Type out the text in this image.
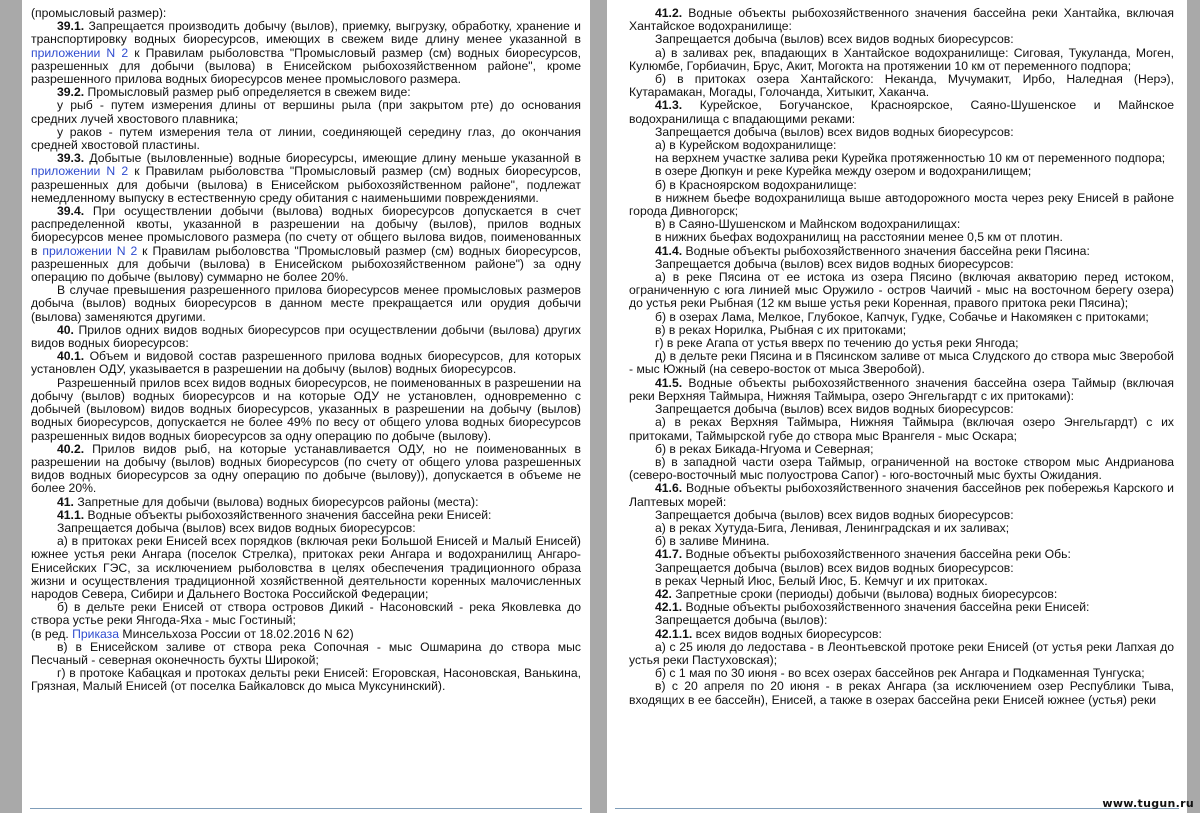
(промысловый размер):

39.1. Запрещается производить добычу (вылов), приемку, выгрузку, обработку, хранение и транспортировку водных биоресурсов, имеющих в свежем виде длину менее указанной в приложении N 2 к Правилам рыболовства "Промысловый размер (см) водных биоресурсов, разрешенных для добычи (вылова) в Енисейском рыбохозяйственном районе", кроме разрешенного прилова водных биоресурсов менее промыслового размера.

39.2. Промысловый размер рыб определяется в свежем виде:

у рыб - путем измерения длины от вершины рыла (при закрытом рте) до основания средних лучей хвостового плавника;

у раков - путем измерения тела от линии, соединяющей середину глаз, до окончания средней хвостовой пластины.

39.3. Добытые (выловленные) водные биоресурсы, имеющие длину меньше указанной в приложении N 2 к Правилам рыболовства "Промысловый размер (см) водных биоресурсов, разрешенных для добычи (вылова) в Енисейском рыбохозяйственном районе", подлежат немедленному выпуску в естественную среду обитания с наименьшими повреждениями.

39.4. При осуществлении добычи (вылова) водных биоресурсов допускается в счет распределенной квоты, указанной в разрешении на добычу (вылов), прилов водных биоресурсов менее промыслового размера (по счету от общего вылова видов, поименованных в приложении N 2 к Правилам рыболовства "Промысловый размер (см) водных биоресурсов, разрешенных для добычи (вылова) в Енисейском рыбохозяйственном районе") за одну операцию по добыче (вылову) суммарно не более 20%.

В случае превышения разрешенного прилова биоресурсов менее промысловых размеров добыча (вылов) водных биоресурсов в данном месте прекращается или орудия добычи (вылова) заменяются другими.

40. Прилов одних видов водных биоресурсов при осуществлении добычи (вылова) других видов водных биоресурсов:

40.1. Объем и видовой состав разрешенного прилова водных биоресурсов, для которых установлен ОДУ, указывается в разрешении на добычу (вылов) водных биоресурсов.

Разрешенный прилов всех видов водных биоресурсов, не поименованных в разрешении на добычу (вылов) водных биоресурсов и на которые ОДУ не установлен, одновременно с добычей (выловом) видов водных биоресурсов, указанных в разрешении на добычу (вылов) водных биоресурсов, допускается не более 49% по весу от общего улова водных биоресурсов разрешенных видов водных биоресурсов за одну операцию по добыче (вылову).

40.2. Прилов видов рыб, на которые устанавливается ОДУ, но не поименованных в разрешении на добычу (вылов) водных биоресурсов (по счету от общего улова разрешенных видов водных биоресурсов за одну операцию по добыче (вылову)), допускается в объеме не более 20%.

41. Запретные для добычи (вылова) водных биоресурсов районы (места):

41.1. Водные объекты рыбохозяйственного значения бассейна реки Енисей:

Запрещается добыча (вылов) всех видов водных биоресурсов:

а) в притоках реки Енисей всех порядков (включая реки Большой Енисей и Малый Енисей) южнее устья реки Ангара (поселок Стрелка), притоках реки Ангара и водохранилищ Ангаро-Енисейских ГЭС, за исключением рыболовства в целях обеспечения традиционного образа жизни и осуществления традиционной хозяйственной деятельности коренных малочисленных народов Севера, Сибири и Дальнего Востока Российской Федерации;

б) в дельте реки Енисей от створа островов Дикий - Насоновский - река Яковлевка до створа устье реки Янгода-Яха - мыс Гостиный;

(в ред. Приказа Минсельхоза России от 18.02.2016 N 62)

в) в Енисейском заливе от створа река Сопочная - мыс Ошмарина до створа мыс Песчаный - северная оконечность бухты Широкой;

г) в протоке Кабацкая и протоках дельты реки Енисей: Егоровская, Насоновская, Ванькина, Грязная, Малый Енисей (от поселка Байкаловск до мыса Муксунинский).

41.2. Водные объекты рыбохозяйственного значения бассейна реки Хантайка, включая Хантайское водохранилище:

Запрещается добыча (вылов) всех видов водных биоресурсов:

а) в заливах рек, впадающих в Хантайское водохранилище: Сиговая, Тукуланда, Моген, Кулюмбе, Горбиачин, Брус, Акит, Могокта на протяжении 10 км от переменного подпора;

б) в притоках озера Хантайского: Неканда, Мучумакит, Ирбо, Наледная (Нерэ), Кутарамакан, Могады, Голочанда, Хитыкит, Хаканча.

41.3. Курейское, Богучанское, Красноярское, Саяно-Шушенское и Майнское водохранилища с впадающими реками:

Запрещается добыча (вылов) всех видов водных биоресурсов:

а) в Курейском водохранилище:

на верхнем участке залива реки Курейка протяженностью 10 км от переменного подпора;

в озере Дюпкун и реке Курейка между озером и водохранилищем;

б) в Красноярском водохранилище:

в нижнем бьефе водохранилища выше автодорожного моста через реку Енисей в районе города Дивногорск;

в) в Саяно-Шушенском и Майнском водохранилищах:

в нижних бьефах водохранилищ на расстоянии менее 0,5 км от плотин.

41.4. Водные объекты рыбохозяйственного значения бассейна реки Пясина:

Запрещается добыча (вылов) всех видов водных биоресурсов:

а) в реке Пясина от ее истока из озера Пясино (включая акваторию перед истоком, ограниченную с юга линией мыс Оружило - остров Чаичий - мыс на восточном берегу озера) до устья реки Рыбная (12 км выше устья реки Коренная, правого притока реки Пясина);

б) в озерах Лама, Мелкое, Глубокое, Капчук, Гудке, Собачье и Накомякен с притоками;

в) в реках Норилка, Рыбная с их притоками;

г) в реке Агапа от устья вверх по течению до устья реки Янгода;

д) в дельте реки Пясина и в Пясинском заливе от мыса Слудского до створа мыс Зверобой - мыс Южный (на северо-восток от мыса Зверобой).

41.5. Водные объекты рыбохозяйственного значения бассейна озера Таймыр (включая реки Верхняя Таймыра, Нижняя Таймыра, озеро Энгельгардт с их притоками):

Запрещается добыча (вылов) всех видов водных биоресурсов:

а) в реках Верхняя Таймыра, Нижняя Таймыра (включая озеро Энгельгардт) с их притоками, Таймырской губе до створа мыс Врангеля - мыс Оскара;

б) в реках Бикада-Нгуома и Северная;

в) в западной части озера Таймыр, ограниченной на востоке створом мыс Андрианова (северо-восточный мыс полуострова Сапог) - юго-восточный мыс бухты Ожидания.

41.6. Водные объекты рыбохозяйственного значения бассейнов рек побережья Карского и Лаптевых морей:

Запрещается добыча (вылов) всех видов водных биоресурсов:

а) в реках Хутуда-Бига, Ленивая, Ленинградская и их заливах;

б) в заливе Минина.

41.7. Водные объекты рыбохозяйственного значения бассейна реки Обь:

Запрещается добыча (вылов) всех видов водных биоресурсов:

в реках Черный Июс, Белый Июс, Б. Кемчуг и их притоках.

42. Запретные сроки (периоды) добычи (вылова) водных биоресурсов:

42.1. Водные объекты рыбохозяйственного значения бассейна реки Енисей:

Запрещается добыча (вылов):

42.1.1. всех видов водных биоресурсов:

а) с 25 июля до ледостава - в Леонтьевской протоке реки Енисей (от устья реки Лапхая до устья реки Пастуховская);

б) с 1 мая по 30 июня - во всех озерах бассейнов рек Ангара и Подкаменная Тунгуска;

в) с 20 апреля по 20 июня - в реках Ангара (за исключением озер Республики Тыва, входящих в ее бассейн), Енисей, а также в озерах бассейна реки Енисей южнее (устья) реки

www.tugun.ru
